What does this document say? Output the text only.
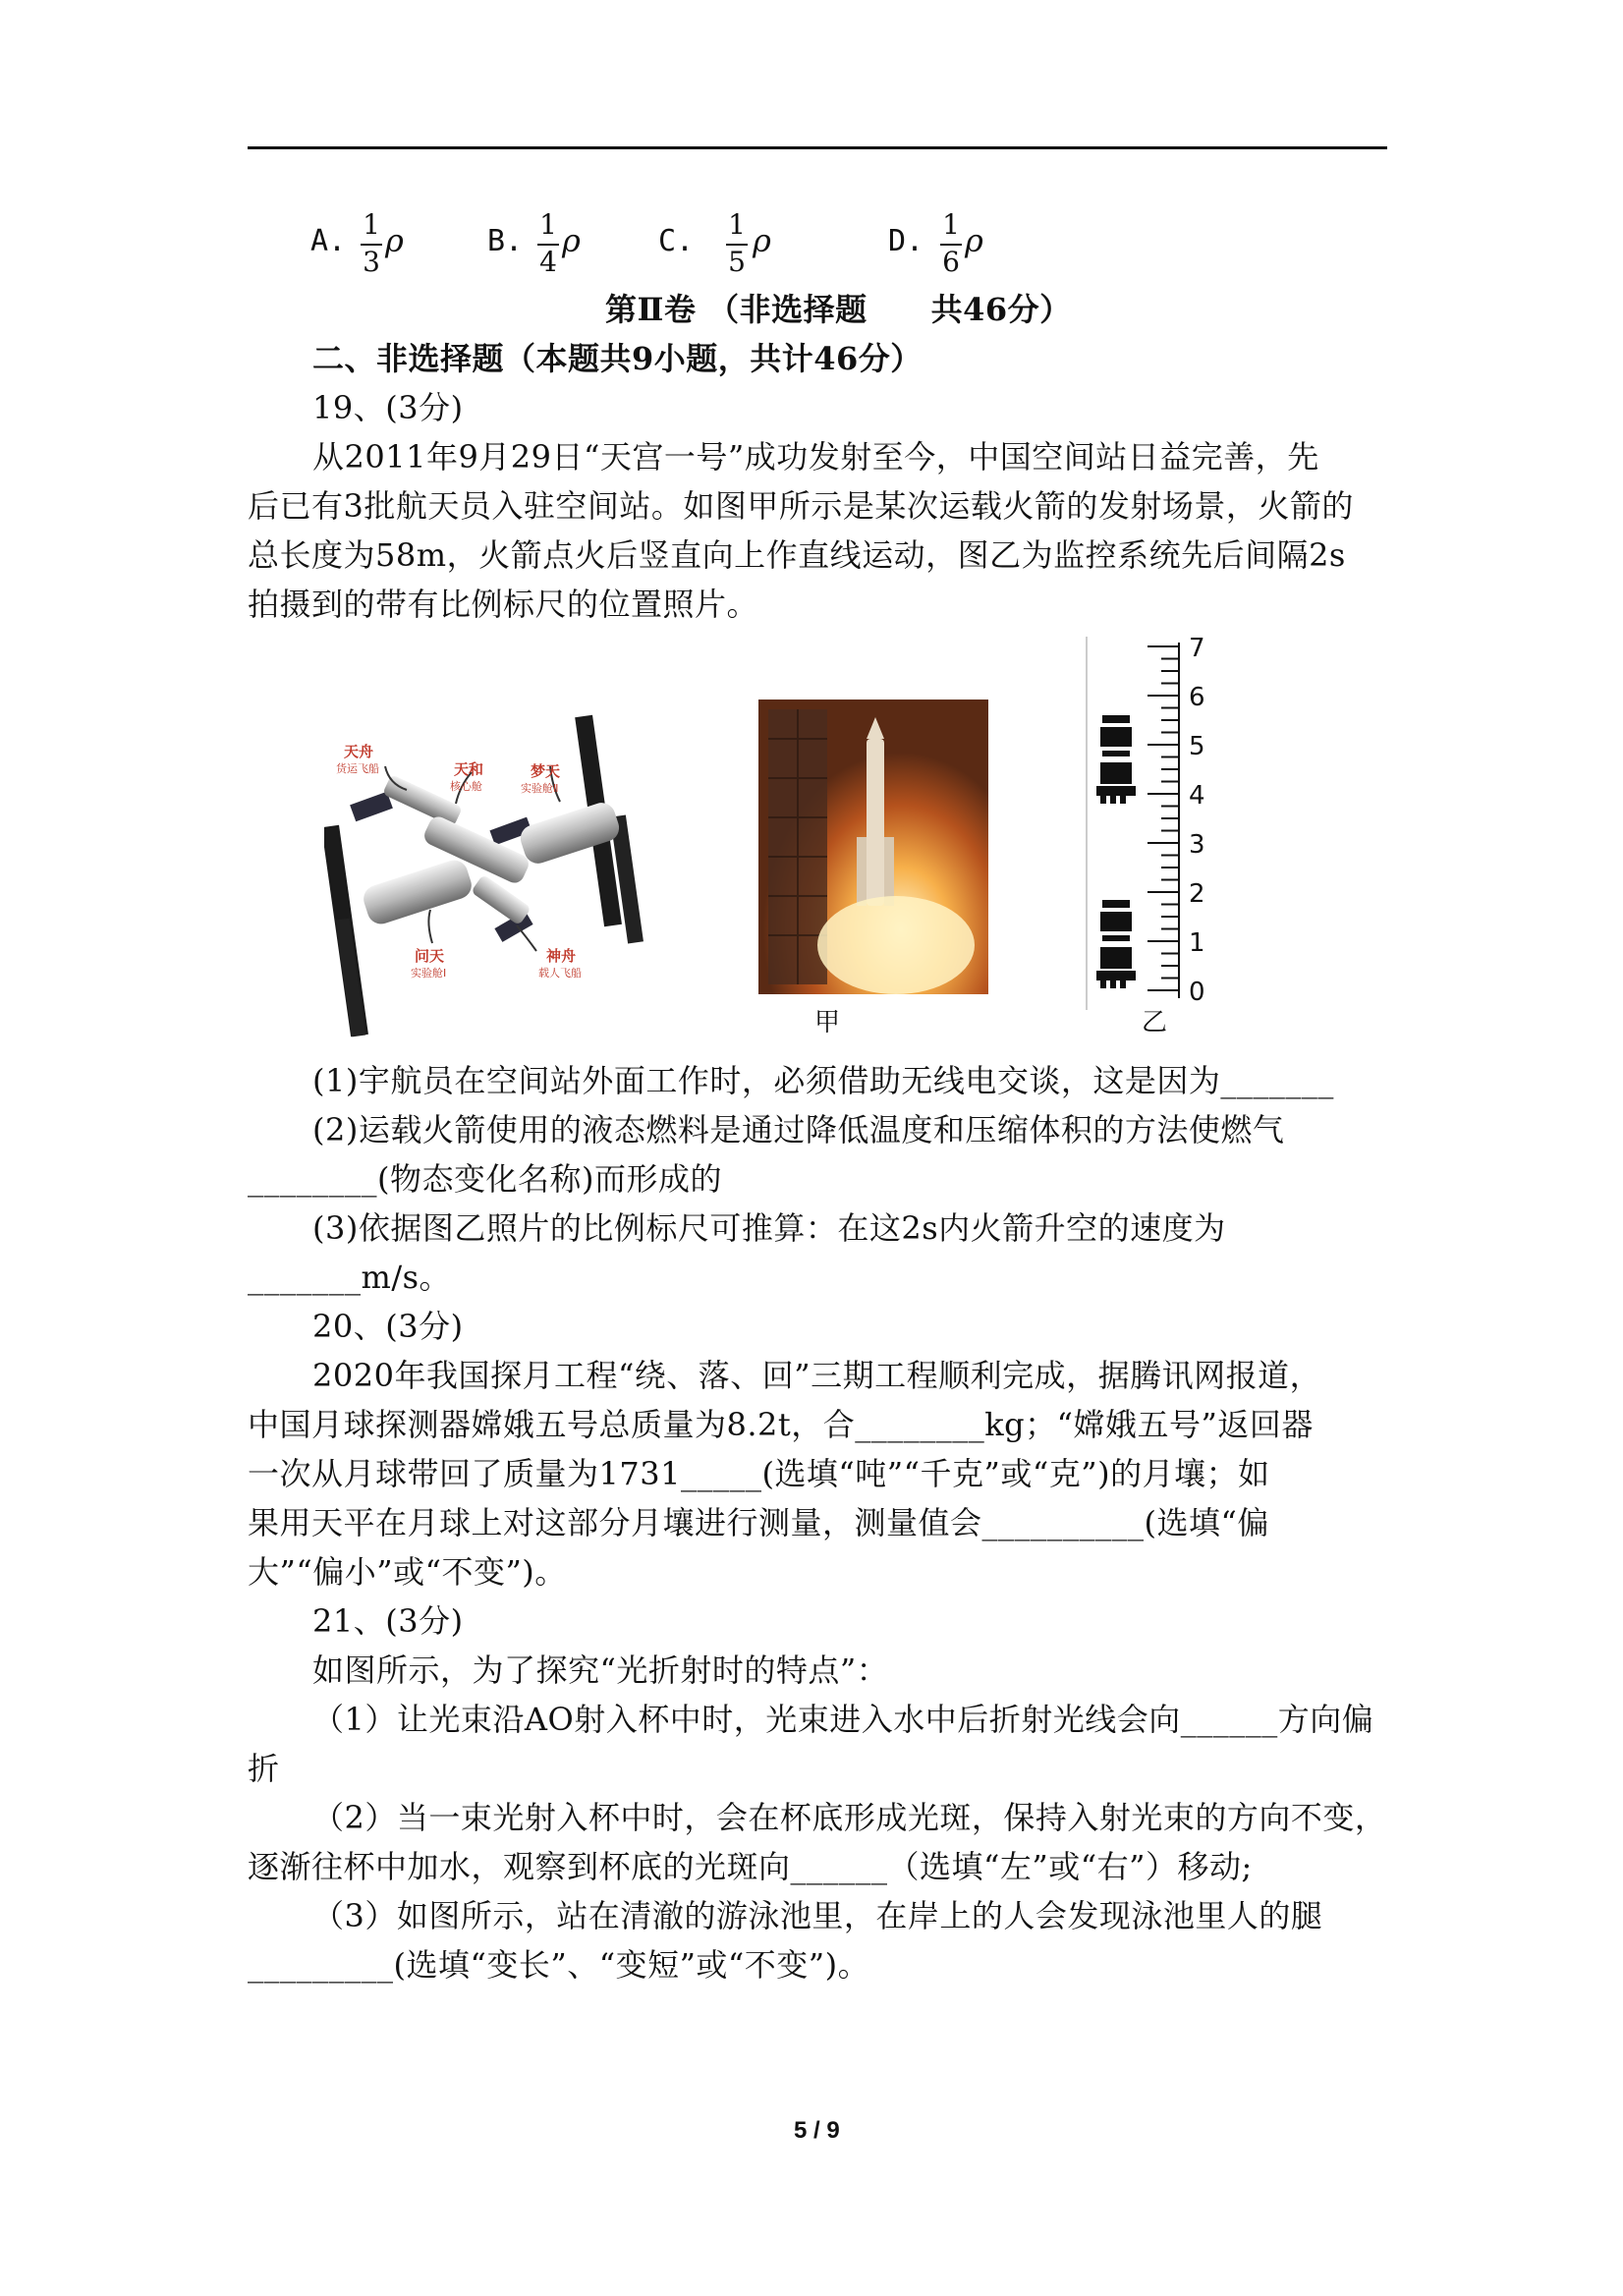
A. 1
3
ρ	B. 1
4
ρ	C. 1
5
ρ	D. 1
6
ρ
第Ⅱ卷 （非选择题　　共46分）
二、非选择题（本题共9小题，共计46分）
19、(3分)
从2011年9月29日“天宫一号”成功发射至今，中国空间站日益完善，先
后已有3批航天员入驻空间站。如图甲所示是某次运载火箭的发射场景，火箭的
总长度为58m，火箭点火后竖直向上作直线运动，图乙为监控系统先后间隔2s
拍摄到的带有比例标尺的位置照片。
天舟
货运飞船	天和
核心舱
梦天
实验舱Ⅱ
问天
实验舱Ⅰ
神舟
载人飞船
甲
7
6
5
4
3
2
1
0
乙
(1)宇航员在空间站外面工作时，必须借助无线电交谈，这是因为_______
(2)运载火箭使用的液态燃料是通过降低温度和压缩体积的方法使燃气
________(物态变化名称)而形成的
(3)依据图乙照片的比例标尺可推算：在这2s内火箭升空的速度为
_______m/s。
20、(3分)
2020年我国探月工程“绕、落、回”三期工程顺利完成，据腾讯网报道，
中国月球探测器嫦娥五号总质量为8.2t，合________kg；“嫦娥五号”返回器
一次从月球带回了质量为1731_____(选填“吨”“千克”或“克”)的月壤；如
果用天平在月球上对这部分月壤进行测量，测量值会__________(选填“偏
大”“偏小”或“不变”)。
21、(3分)
如图所示，为了探究“光折射时的特点”：
（1）让光束沿AO射入杯中时，光束进入水中后折射光线会向______方向偏
折
（2）当一束光射入杯中时，会在杯底形成光斑，保持入射光束的方向不变，
逐渐往杯中加水，观察到杯底的光斑向______（选填“左”或“右”）移动;
（3）如图所示，站在清澈的游泳池里，在岸上的人会发现泳池里人的腿
_________(选填“变长”、“变短”或“不变”)。
5 / 9
